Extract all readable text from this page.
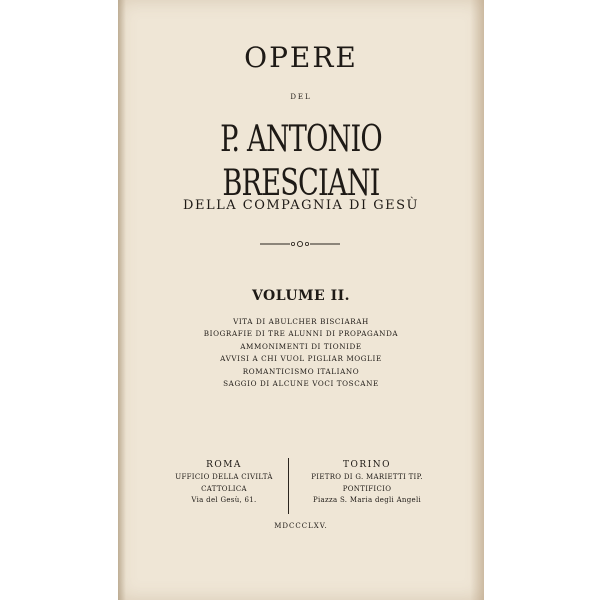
OPERE
DEL
P. ANTONIO BRESCIANI
DELLA COMPAGNIA DI GESÙ
VOLUME II.
VITA DI ABULCHER BISCIARAH
BIOGRAFIE DI TRE ALUNNI DI PROPAGANDA
AMMONIMENTI DI TIONIDE
AVVISI A CHI VUOL PIGLIAR MOGLIE
ROMANTICISMO ITALIANO
SAGGIO DI ALCUNE VOCI TOSCANE
ROMA
UFFICIO DELLA CIVILTÀ CATTOLICA
Via del Gesù, 61.
TORINO
PIETRO DI G. MARIETTI TIP. PONTIFICIO
Piazza S. Maria degli Angeli
MDCCCLXV.
